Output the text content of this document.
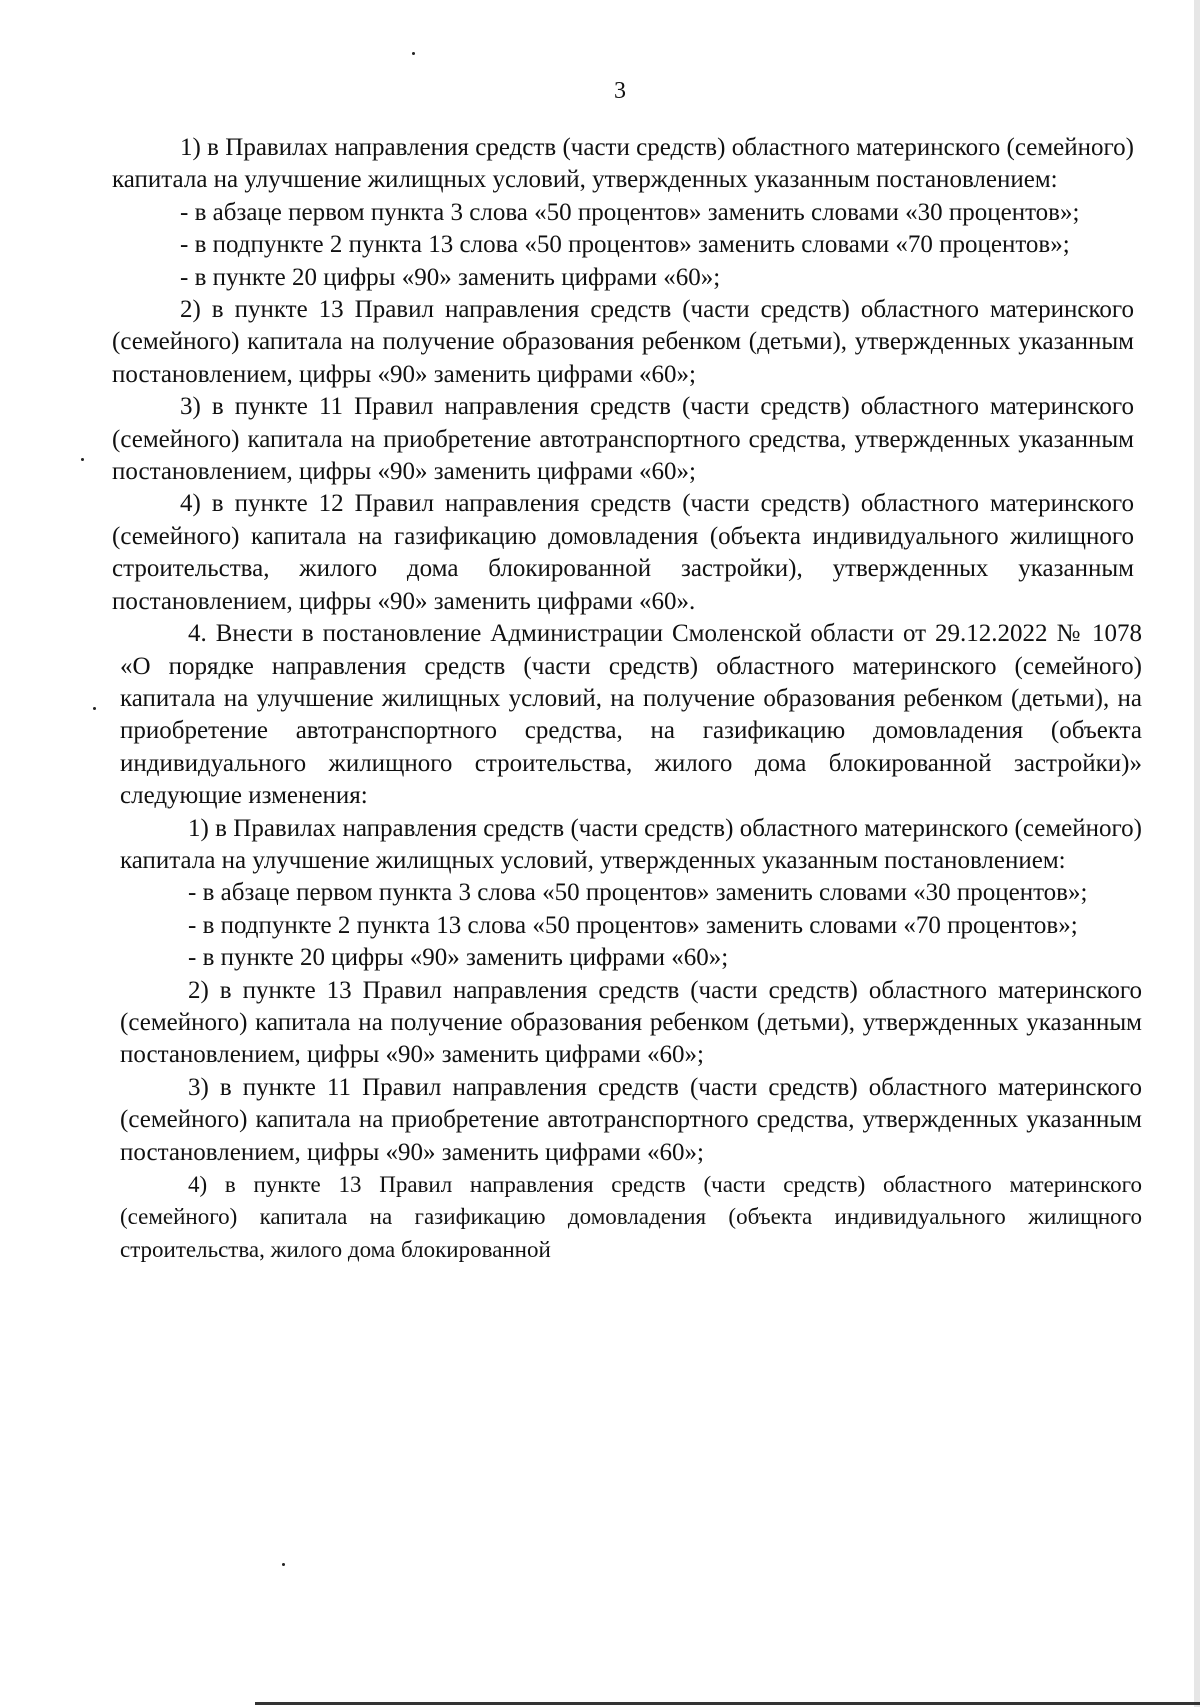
3

1) в Правилах направления средств (части средств) областного материнского (семейного) капитала на улучшение жилищных условий, утвержденных указанным постановлением:

- в абзаце первом пункта 3 слова «50 процентов» заменить словами «30 процентов»;

- в подпункте 2 пункта 13 слова «50 процентов» заменить словами «70 процентов»;

- в пункте 20 цифры «90» заменить цифрами «60»;

2) в пункте 13 Правил направления средств (части средств) областного материнского (семейного) капитала на получение образования ребенком (детьми), утвержденных указанным постановлением, цифры «90» заменить цифрами «60»;

3) в пункте 11 Правил направления средств (части средств) областного материнского (семейного) капитала на приобретение автотранспортного средства, утвержденных указанным постановлением, цифры «90» заменить цифрами «60»;

4) в пункте 12 Правил направления средств (части средств) областного материнского (семейного) капитала на газификацию домовладения (объекта индивидуального жилищного строительства, жилого дома блокированной застройки), утвержденных указанным постановлением, цифры «90» заменить цифрами «60».

4. Внести в постановление Администрации Смоленской области от 29.12.2022 № 1078 «О порядке направления средств (части средств) областного материнского (семейного) капитала на улучшение жилищных условий, на получение образования ребенком (детьми), на приобретение автотранспортного средства, на газификацию домовладения (объекта индивидуального жилищного строительства, жилого дома блокированной застройки)» следующие изменения:

1) в Правилах направления средств (части средств) областного материнского (семейного) капитала на улучшение жилищных условий, утвержденных указанным постановлением:

- в абзаце первом пункта 3 слова «50 процентов» заменить словами «30 процентов»;

- в подпункте 2 пункта 13 слова «50 процентов» заменить словами «70 процентов»;

- в пункте 20 цифры «90» заменить цифрами «60»;

2) в пункте 13 Правил направления средств (части средств) областного материнского (семейного) капитала на получение образования ребенком (детьми), утвержденных указанным постановлением, цифры «90» заменить цифрами «60»;

3) в пункте 11 Правил направления средств (части средств) областного материнского (семейного) капитала на приобретение автотранспортного средства, утвержденных указанным постановлением, цифры «90» заменить цифрами «60»;

4) в пункте 13 Правил направления средств (части средств) областного материнского (семейного) капитала на газификацию домовладения (объекта индивидуального жилищного строительства, жилого дома блокированной
